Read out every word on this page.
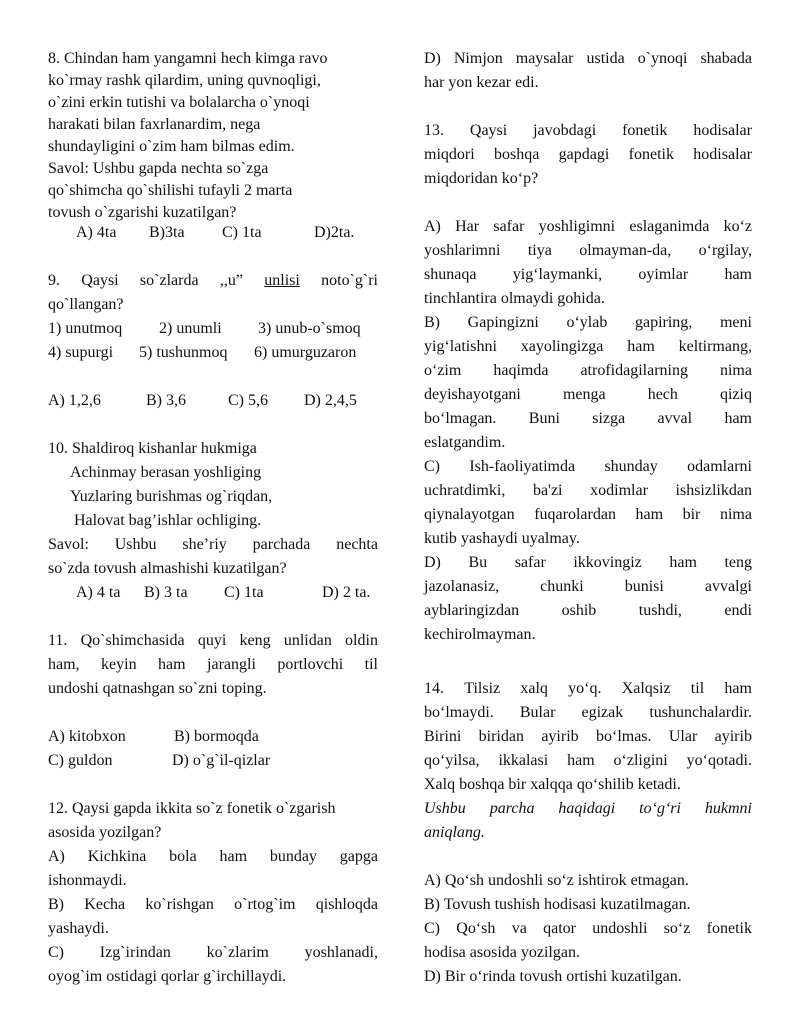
8. Chindan ham yangamni hech kimga ravo
ko`rmay rashk qilardim, uning quvnoqligi,
o`zini erkin tutishi va bolalarcha o`ynoqi
harakati bilan faxrlanardim, nega
shundayligini o`zim ham bilmas edim.
Savol: Ushbu gapda nechta so`zga
qo`shimcha qo`shilishi tufayli 2 marta
tovush o`zgarishi kuzatilgan?
A) 4ta B)3ta C) 1ta	D)2ta.
9. Qaysi so`zlarda ,,u” unlisi noto`g`ri
qo`llangan?
1) unutmoq 2) unumli 3) unub-o`smoq
4) supurgi 5) tushunmoq 6) umurguzaron
A) 1,2,6	B) 3,6	C) 5,6 D) 2,4,5
10. Shaldiroq kishanlar hukmiga
Achinmay berasan yoshliging
Yuzlaring burishmas og`riqdan,
Halovat bag’ishlar ochliging.
Savol: Ushbu she’riy parchada nechta
so`zda tovush almashishi kuzatilgan?
A) 4 ta B) 3 ta C) 1ta	D) 2 ta.
11. Qo`shimchasida quyi keng unlidan oldin
ham, keyin ham jarangli portlovchi til
undoshi qatnashgan so`zni toping.
A) kitobxon	B) bormoqda
C) guldon	D) o`g`il-qizlar
12. Qaysi gapda ikkita so`z fonetik o`zgarish
asosida yozilgan?
A) Kichkina bola ham bunday gapga
ishonmaydi.
B) Kecha ko`rishgan o`rtog`im qishloqda
yashaydi.
C) Izg`irindan ko`zlarim yoshlanadi,
oyog`im ostidagi qorlar g`irchillaydi.
D) Nimjon maysalar ustida o`ynoqi shabada
har yon kezar edi.
13. Qaysi javobdagi fonetik hodisalar
miqdori boshqa gapdagi fonetik hodisalar
miqdoridan ko‘p?
A) Har safar yoshligimni eslaganimda ko‘z
yoshlarimni tiya olmayman-da, o‘rgilay,
shunaqa yig‘laymanki, oyimlar ham
tinchlantira olmaydi gohida.
B) Gapingizni o‘ylab gapiring, meni
yig‘latishni xayolingizga ham keltirmang,
o‘zim haqimda atrofidagilarning nima
deyishayotgani	menga	hech	qiziq
bo‘lmagan. Buni sizga avval ham
eslatgandim.
C) Ish-faoliyatimda shunday odamlarni
uchratdimki, ba'zi xodimlar ishsizlikdan
qiynalayotgan fuqarolardan ham bir nima
kutib yashaydi uyalmay.
D) Bu safar ikkovingiz ham teng
jazolanasiz,	chunki	bunisi	avvalgi
ayblaringizdan	oshib	tushdi,	endi
kechirolmayman.
14. Tilsiz xalq yo‘q. Xalqsiz til ham
bo‘lmaydi. Bular egizak tushunchalardir.
Birini biridan ayirib bo‘lmas. Ular ayirib
qo‘yilsa, ikkalasi ham o‘zligini yo‘qotadi.
Xalq boshqa bir xalqqa qo‘shilib ketadi.
Ushbu parcha haqidagi to‘g‘ri hukmni
aniqlang.
A) Qo‘sh undoshli so‘z ishtirok etmagan.
B) Tovush tushish hodisasi kuzatilmagan.
C) Qo‘sh va qator undoshli so‘z fonetik
hodisa asosida yozilgan.
D) Bir o‘rinda tovush ortishi kuzatilgan.
